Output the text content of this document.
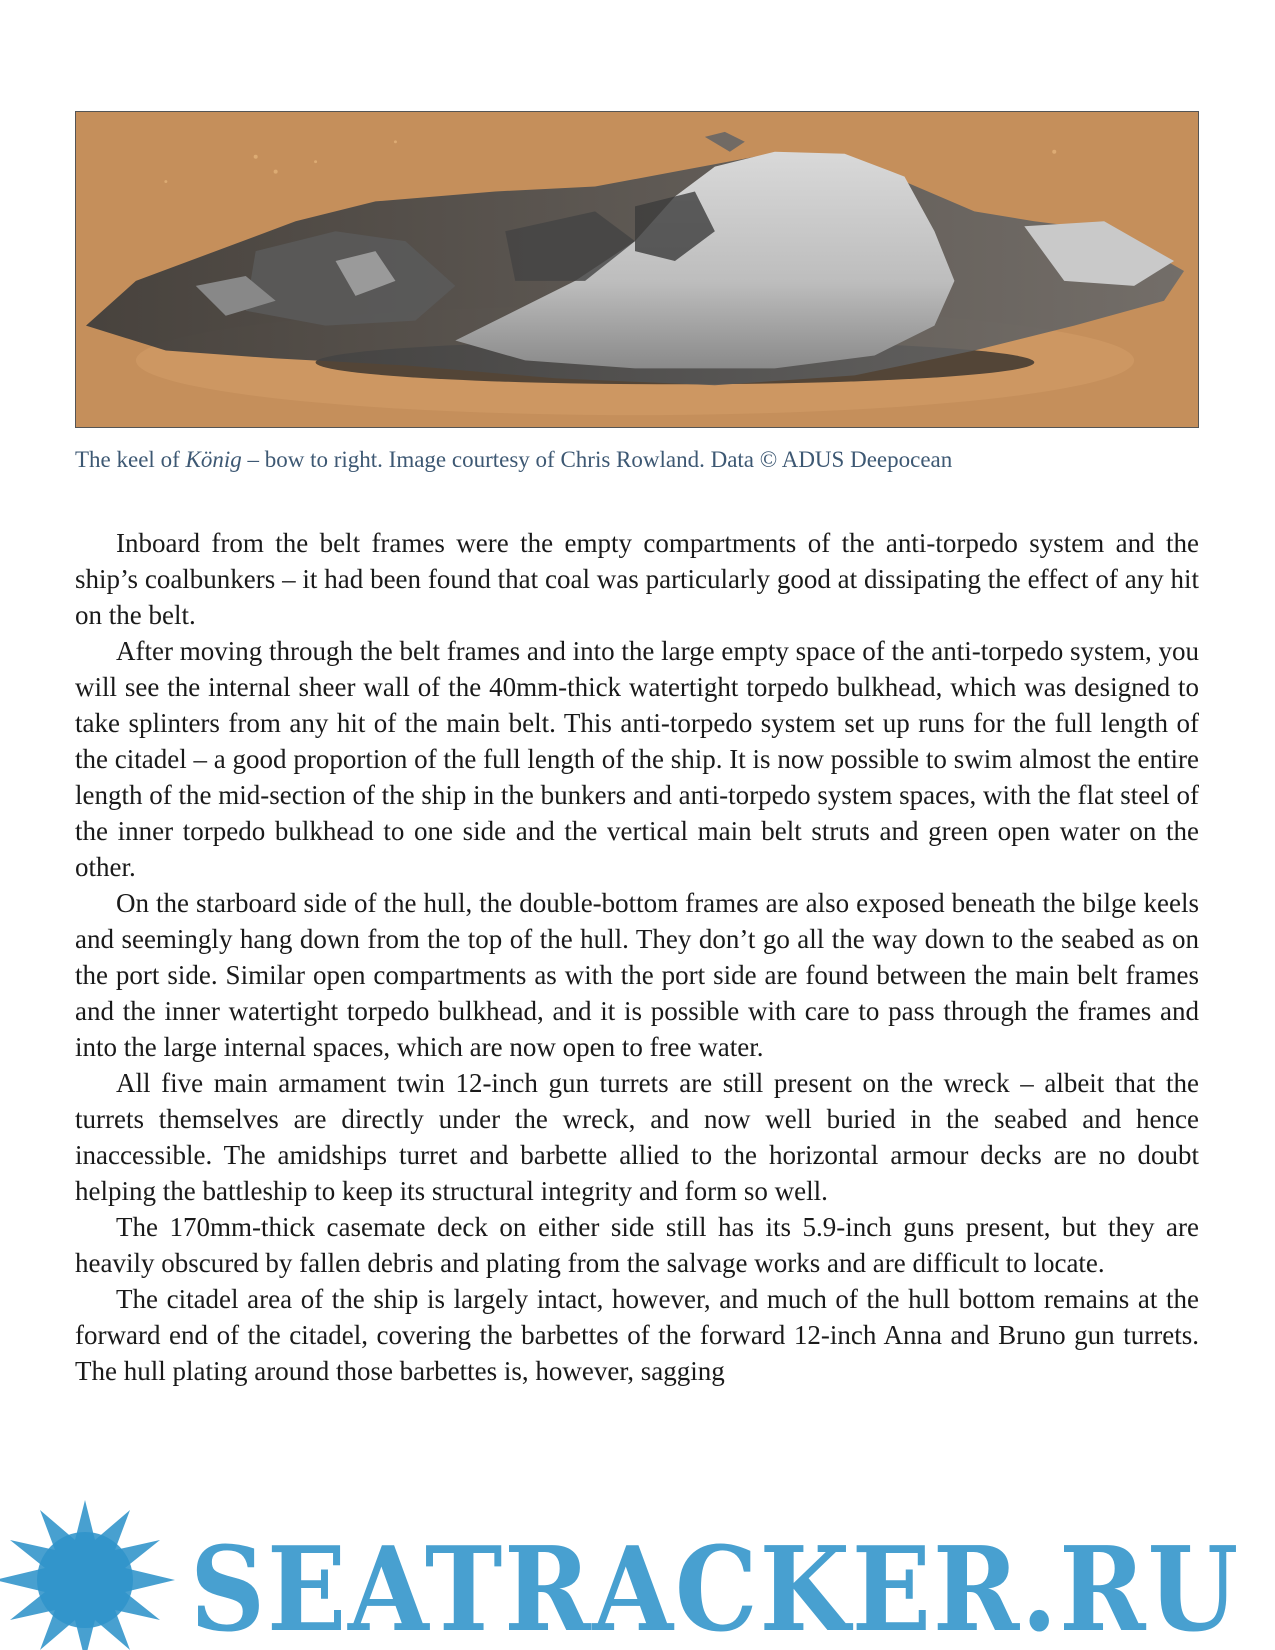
The keel of König – bow to right. Image courtesy of Chris Rowland. Data © ADUS Deepocean

Inboard from the belt frames were the empty compartments of the anti-torpedo system and the ship’s coalbunkers – it had been found that coal was particularly good at dissipating the effect of any hit on the belt.

After moving through the belt frames and into the large empty space of the anti-torpedo system, you will see the internal sheer wall of the 40mm-thick watertight torpedo bulkhead, which was designed to take splinters from any hit of the main belt. This anti-torpedo system set up runs for the full length of the citadel – a good proportion of the full length of the ship. It is now possible to swim almost the entire length of the mid-section of the ship in the bunkers and anti-torpedo system spaces, with the flat steel of the inner torpedo bulkhead to one side and the vertical main belt struts and green open water on the other.

On the starboard side of the hull, the double-bottom frames are also exposed beneath the bilge keels and seemingly hang down from the top of the hull. They don’t go all the way down to the seabed as on the port side. Similar open compartments as with the port side are found between the main belt frames and the inner watertight torpedo bulkhead, and it is possible with care to pass through the frames and into the large internal spaces, which are now open to free water.

All five main armament twin 12-inch gun turrets are still present on the wreck – albeit that the turrets themselves are directly under the wreck, and now well buried in the seabed and hence inaccessible. The amidships turret and barbette allied to the horizontal armour decks are no doubt helping the battleship to keep its structural integrity and form so well.

The 170mm-thick casemate deck on either side still has its 5.9-inch guns present, but they are heavily obscured by fallen debris and plating from the salvage works and are difficult to locate.

The citadel area of the ship is largely intact, however, and much of the hull bottom remains at the forward end of the citadel, covering the barbettes of the forward 12-inch Anna and Bruno gun turrets. The hull plating around those barbettes is, however, sagging

SEATRACKER.RU
